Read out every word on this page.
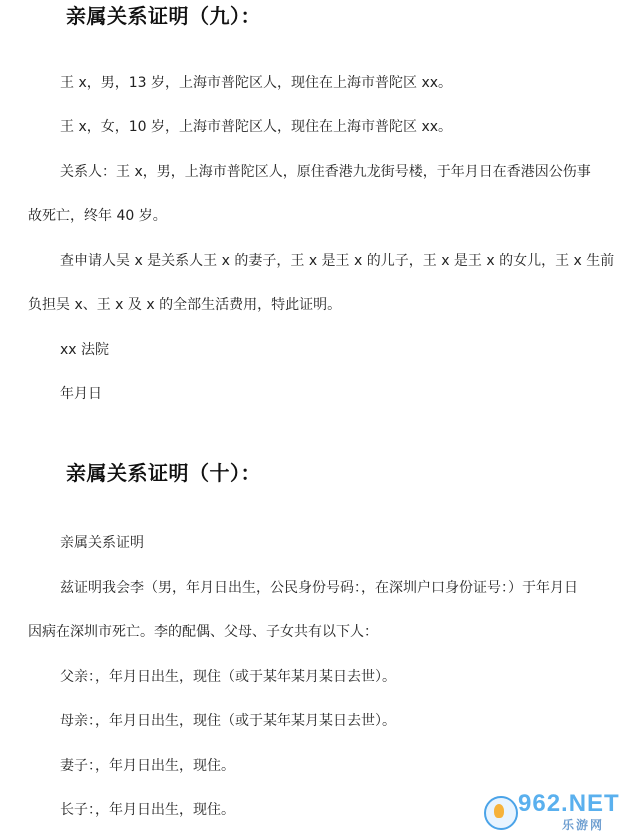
亲属关系证明（九）：
王 x，男，13 岁，上海市普陀区人，现住在上海市普陀区 xx。
王 x，女，10 岁，上海市普陀区人，现住在上海市普陀区 xx。
关系人：王 x，男，上海市普陀区人，原住香港九龙街号楼，于年月日在香港因公伤事
故死亡，终年 40 岁。
查申请人吴 x 是关系人王 x 的妻子，王 x 是王 x 的儿子，王 x 是王 x 的女儿，王 x 生前
负担吴 x、王 x 及 x 的全部生活费用，特此证明。
xx 法院
年月日
亲属关系证明（十）：
亲属关系证明
兹证明我会李（男，年月日出生，公民身份号码：，在深圳户口身份证号：）于年月日
因病在深圳市死亡。李的配偶、父母、子女共有以下人：
父亲：，年月日出生，现住（或于某年某月某日去世）。
母亲：，年月日出生，现住（或于某年某月某日去世）。
妻子：，年月日出生，现住。
长子：，年月日出生，现住。	962.NET
乐游网
